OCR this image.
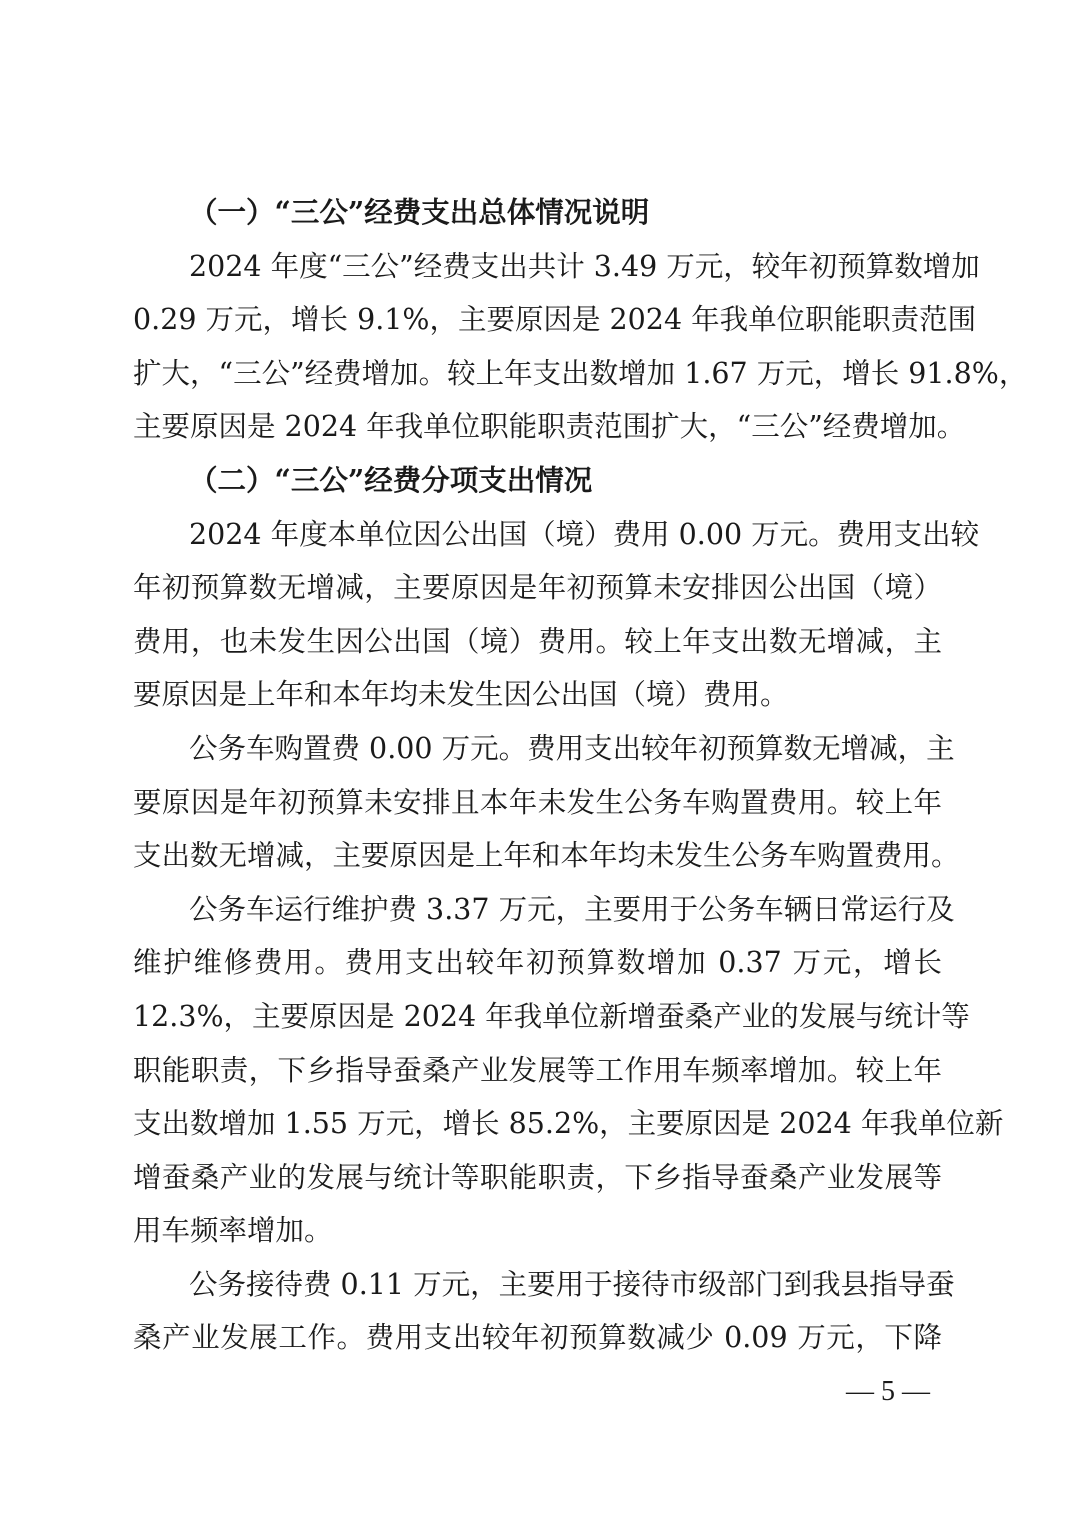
（一）“三公”经费支出总体情况说明
2024 年度“三公”经费支出共计 3.49 万元，较年初预算数增加
0.29 万元，增长 9.1%，主要原因是 2024 年我单位职能职责范围
扩大，“三公”经费增加。较上年支出数增加 1.67 万元，增长 91.8%，
主要原因是 2024 年我单位职能职责范围扩大，“三公”经费增加。
（二）“三公”经费分项支出情况
2024 年度本单位因公出国（境）费用 0.00 万元。费用支出较
年初预算数无增减，主要原因是年初预算未安排因公出国（境）
费用，也未发生因公出国（境）费用。较上年支出数无增减，主
要原因是上年和本年均未发生因公出国（境）费用。
公务车购置费 0.00 万元。费用支出较年初预算数无增减，主
要原因是年初预算未安排且本年未发生公务车购置费用。较上年
支出数无增减，主要原因是上年和本年均未发生公务车购置费用。
公务车运行维护费 3.37 万元，主要用于公务车辆日常运行及
维护维修费用。费用支出较年初预算数增加 0.37 万元，增长
12.3%，主要原因是 2024 年我单位新增蚕桑产业的发展与统计等
职能职责，下乡指导蚕桑产业发展等工作用车频率增加。较上年
支出数增加 1.55 万元，增长 85.2%，主要原因是 2024 年我单位新
增蚕桑产业的发展与统计等职能职责，下乡指导蚕桑产业发展等
用车频率增加。
公务接待费 0.11 万元，主要用于接待市级部门到我县指导蚕
桑产业发展工作。费用支出较年初预算数减少 0.09 万元，下降
— 5 —
